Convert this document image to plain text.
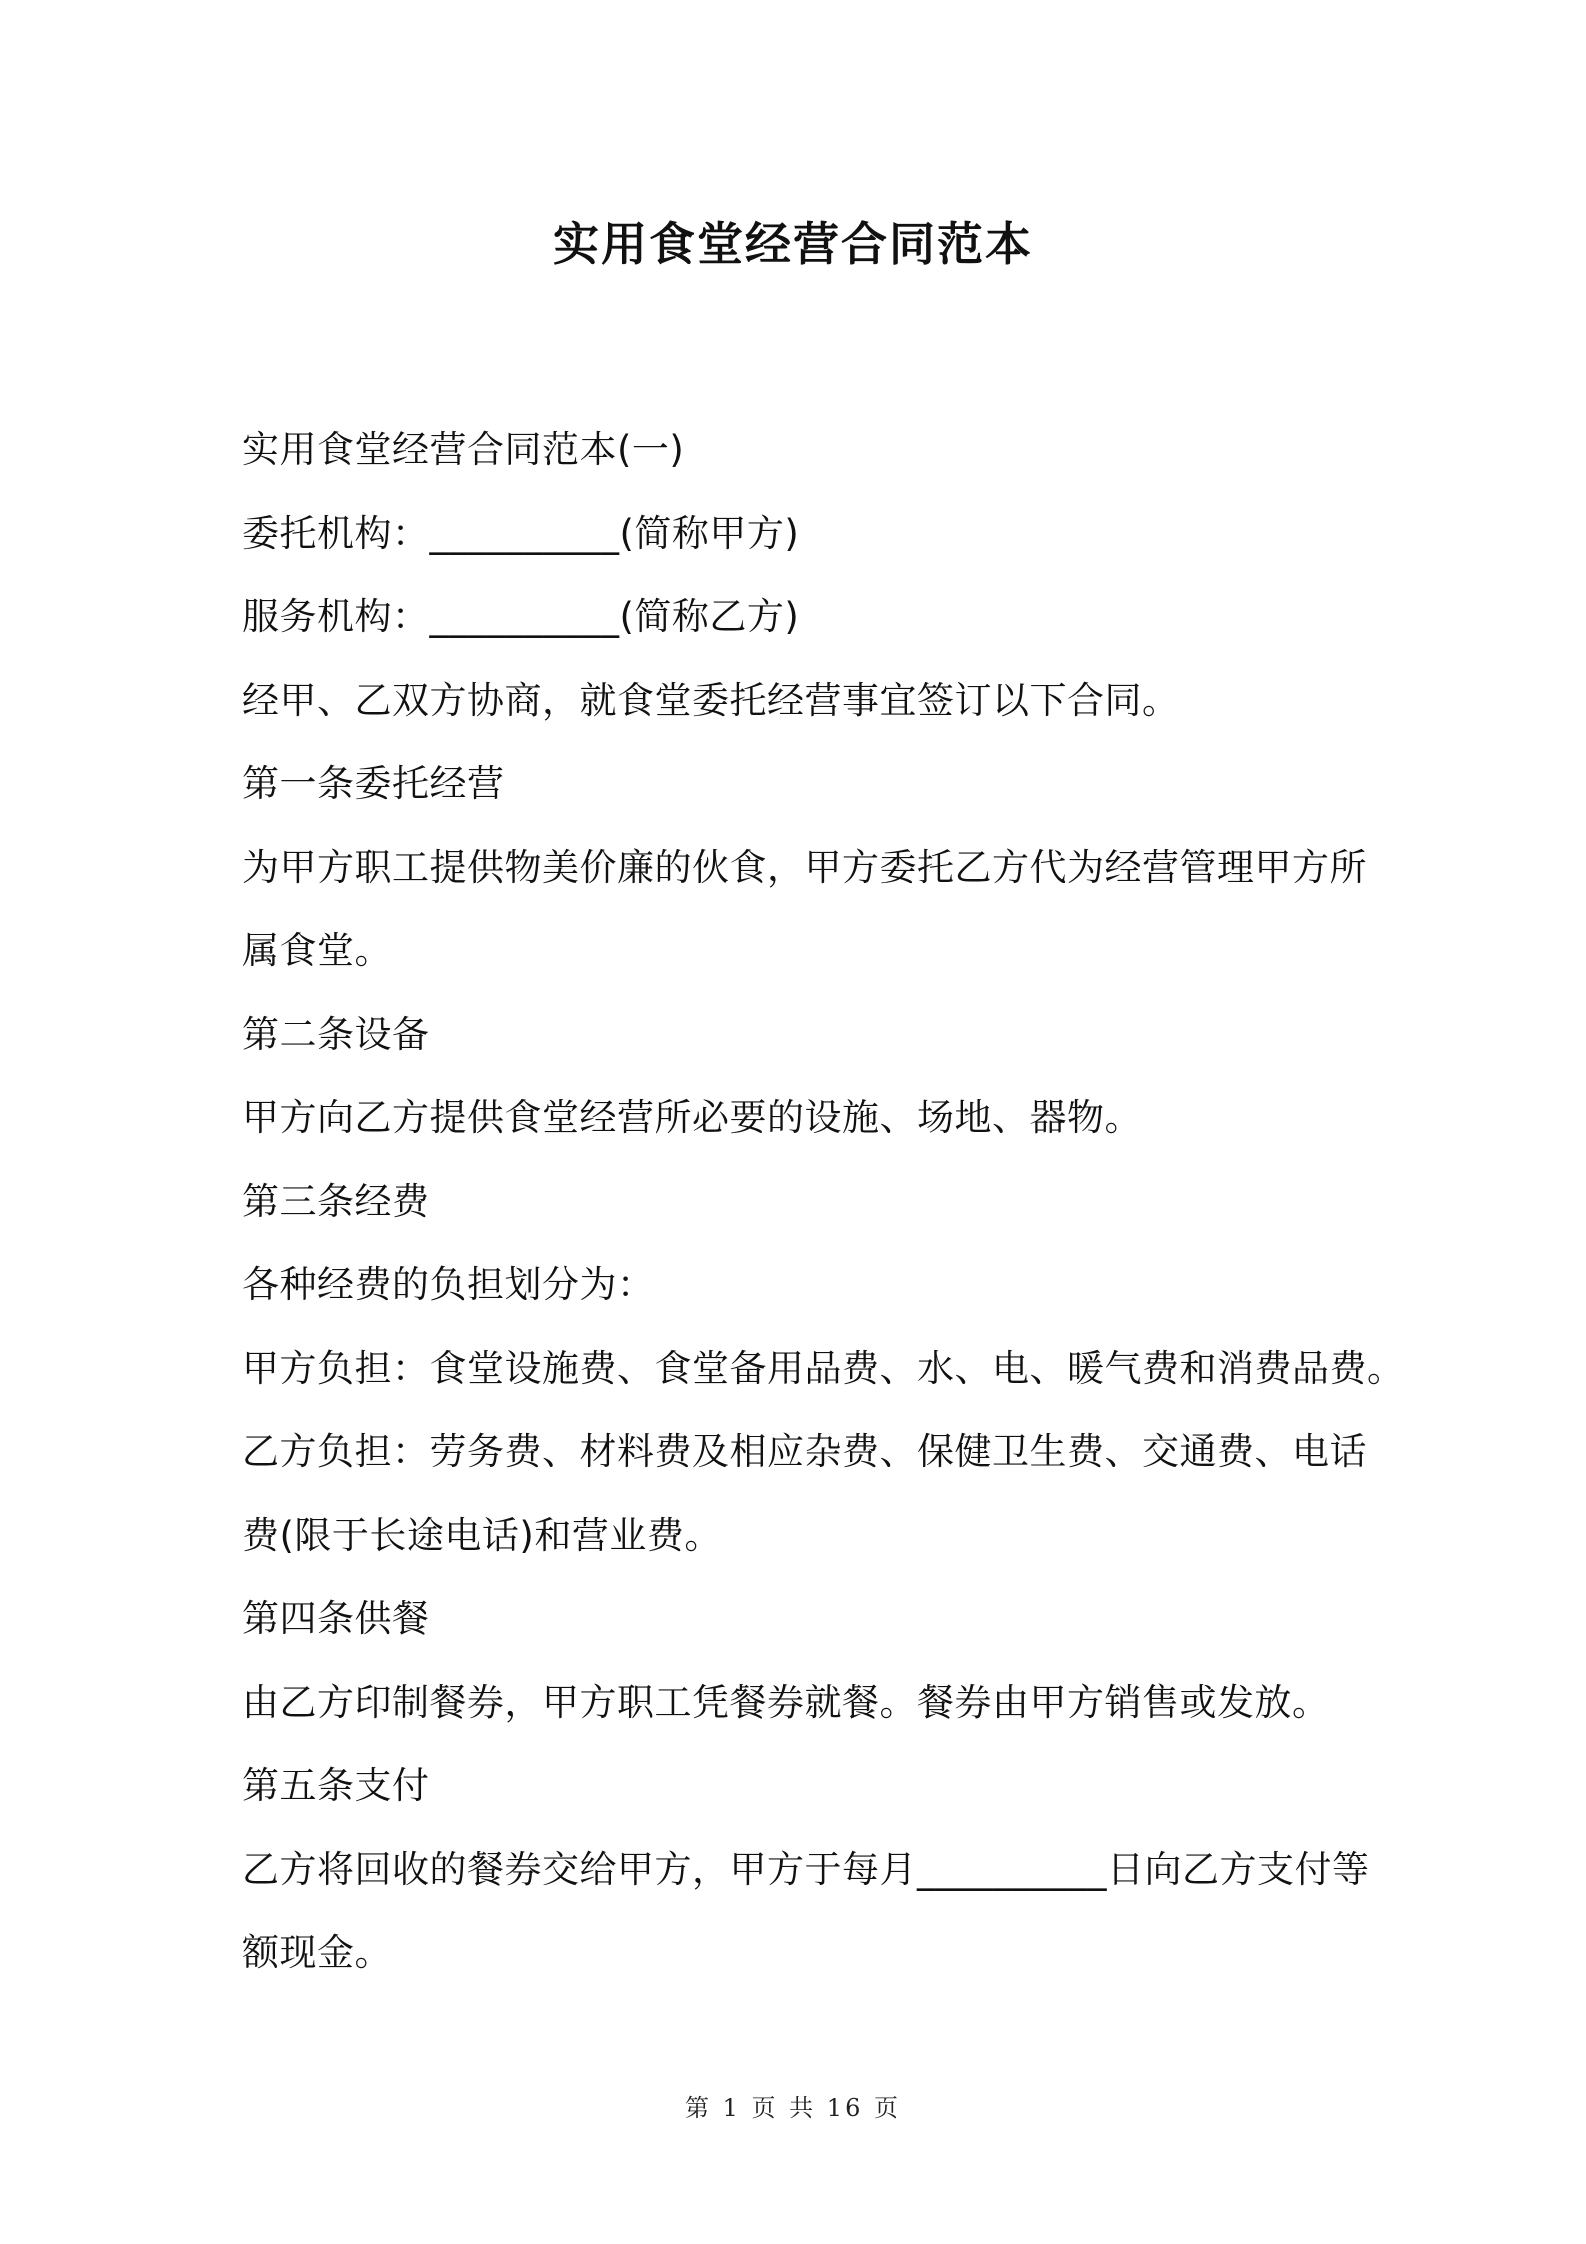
实用食堂经营合同范本

实用食堂经营合同范本(一)

委托机构：__________(简称甲方)

服务机构：__________(简称乙方)

经甲、乙双方协商，就食堂委托经营事宜签订以下合同。

第一条委托经营

为甲方职工提供物美价廉的伙食，甲方委托乙方代为经营管理甲方所

属食堂。

第二条设备

甲方向乙方提供食堂经营所必要的设施、场地、器物。

第三条经费

各种经费的负担划分为：

甲方负担：食堂设施费、食堂备用品费、水、电、暖气费和消费品费。

乙方负担：劳务费、材料费及相应杂费、保健卫生费、交通费、电话

费(限于长途电话)和营业费。

第四条供餐

由乙方印制餐券，甲方职工凭餐券就餐。餐券由甲方销售或发放。

第五条支付

乙方将回收的餐券交给甲方，甲方于每月__________日向乙方支付等

额现金。

第 1 页 共 16 页
